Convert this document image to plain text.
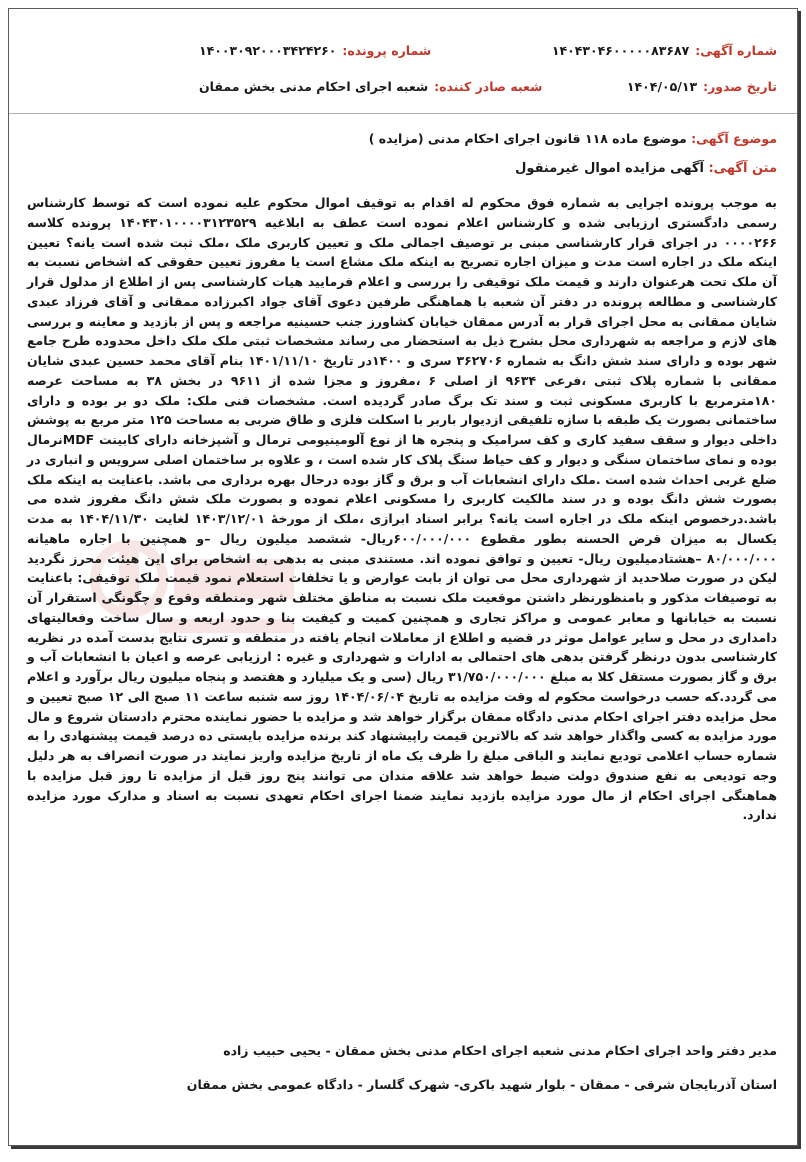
شماره آگهی:
۱۴۰۴۳۰۴۶۰۰۰۰۰۸۳۶۸۷
شماره پرونده:
۱۴۰۰۳۰۹۲۰۰۰۳۴۲۴۲۶۰
تاریخ صدور:
۱۴۰۴/۰۵/۱۳
شعبه صادر کننده:
شعبه اجرای احکام مدنی بخش ممقان
موضوع آگهی: موضوع ماده ۱۱۸ قانون اجرای احکام مدنی (مزایده )
متن آگهی: آگهی مزایده اموال غیرمنقول
به موجب پرونده اجرایی به شماره فوق محکوم له اقدام به توقیف اموال محکوم علیه نموده است که توسط کارشناس رسمی دادگستری ارزیابی شده و کارشناس اعلام نموده است عطف به ابلاغیه ۱۴۰۴۳۰۱۰۰۰۰۳۱۲۳۵۲۹ پرونده کلاسه ۰۰۰۰۲۶۶ در اجرای قرار کارشناسی مبنی بر توصیف اجمالی ملک و تعیین کاربری ملک ،ملک ثبت شده است یانه؟ تعیین اینکه ملک در اجاره است مدت و میزان اجاره تصریح به اینکه ملک مشاع است یا مفروز تعیین حقوقی که اشخاص نسبت به آن ملک تحت هرعنوان دارند و قیمت ملک توقیفی را بررسی و اعلام فرمایید هیات کارشناسی پس از اطلاع از مدلول قرار کارشناسی و مطالعه پرونده در دفتر آن شعبه با هماهنگی طرفین دعوی آقای جواد اکبرزاده ممقانی و آقای فرزاد عبدی شایان ممقانی به محل اجرای قرار به آدرس ممقان خیابان کشاورز جنب حسینیه مراجعه و پس از بازدید و معاینه و بررسی های لازم و مراجعه به شهرداری محل بشرح ذیل به استحضار می رساند مشخصات ثبتی ملک ملک داخل محدوده طرح جامع شهر بوده و دارای سند شش دانگ به شماره ۳۶۲۷۰۶ سری و ۱۴۰۰در تاریخ ۱۴۰۱/۱۱/۱۰ بنام آقای محمد حسین عبدی شایان ممقانی با شماره پلاک ثبتی ،فرعی ۹۶۳۴ از اصلی ۶ ،مفروز و مجزا شده از ۹۶۱۱ در بخش ۳۸ به مساحت عرصه ۱۸۰مترمربع با کاربری مسکونی ثبت و سند تک برگ صادر گردیده است. مشخصات فنی ملک: ملک دو بر بوده و دارای ساختمانی بصورت یک طبقه با سازه تلفیقی ازدیوار باربر با اسکلت فلزی و طاق ضربی به مساحت ۱۲۵ متر مربع به پوشش داخلی دیوار و سقف سفید کاری و کف سرامیک و پنجره ها از نوع آلومینیومی ترمال و آشپزخانه دارای کابینت MDFنرمال بوده و نمای ساختمان سنگی و دیوار و کف حیاط سنگ پلاک کار شده است ، و علاوه بر ساختمان اصلی سرویس و انباری در ضلع غربی احداث شده است .ملک دارای انشعابات آب و برق و گاز بوده درحال بهره برداری می باشد. باعنایت به اینکه ملک بصورت شش دانگ بوده و در سند مالکیت کاربری را مسکونی اعلام نموده و بصورت ملک شش دانگ مفروز شده می باشد.درخصوص اینکه ملک در اجاره است یانه؟ برابر اسناد ابرازی ،ملک از مورخهٔ ۱۴۰۳/۱۲/۰۱ لغایت ۱۴۰۴/۱۱/۳۰ به مدت یکسال به میزان قرض الحسنه بطور مقطوع ۶۰۰/۰۰۰/۰۰۰ریال- ششصد میلیون ریال –و همچنین با اجاره ماهیانه ۸۰/۰۰۰/۰۰۰ –هشتادمیلیون ریال- تعیین و توافق نموده اند. مستندی مبنی به بدهی به اشخاص برای این هیئت محرز نگردید لیکن در صورت صلاحدید از شهرداری محل می توان از بابت عوارض و یا تخلفات استعلام نمود قیمت ملک توقیفی: باعنایت به توصیفات مذکور و بامنظورنظر داشتن موقعیت ملک نسبت به مناطق مختلف شهر ومنطقه وقوع و چگونگی استقرار آن نسبت به خیابانها و معابر عمومی و مراکز تجاری و همچنین کمیت و کیفیت بنا و حدود اربعه و سال ساخت وفعالیتهای دامداری در محل و سایر عوامل موثر در قضیه و اطلاع از معاملات انجام یافته در منطقه و تسری نتایج بدست آمده در نظریه کارشناسی بدون درنظر گرفتن بدهی های احتمالی به ادارات و شهرداری و غیره : ارزیابی عرصه و اعیان با انشعابات آب و برق و گاز بصورت مستقل کلا به مبلغ ۳۱/۷۵۰/۰۰۰/۰۰۰ ریال (سی و یک میلیارد و هفتصد و پنجاه میلیون ریال برآورد و اعلام می گردد.که حسب درخواست محکوم له وقت مزایده به تاریخ ۱۴۰۴/۰۶/۰۴ روز سه شنبه ساعت ۱۱ صبح الی ۱۲ صبح تعیین و محل مزایده دفتر اجرای احکام مدنی دادگاه ممقان برگزار خواهد شد و مزایده با حضور نماینده محترم دادستان شروع و مال مورد مزایده به کسی واگذار خواهد شد که بالاترین قیمت راپیشنهاد کند برنده مزایده بایستی ده درصد قیمت پیشنهادی را به شماره حساب اعلامی تودیع نمایند و الباقی مبلغ را ظرف یک ماه از تاریخ مزایده واریز نمایند در صورت انصراف به هر دلیل وجه تودیعی به نفع صندوق دولت ضبط خواهد شد علاقه مندان می توانند پنج روز قبل از مزایده تا روز قبل مزایده با هماهنگی اجرای احکام از مال مورد مزایده بازدید نمایند ضمنا اجرای احکام تعهدی نسبت به اسناد و مدارک مورد مزایده ندارد.
مدیر دفتر واحد اجرای احکام مدنی شعبه اجرای احکام مدنی بخش ممقان - یحیی حبیب زاده
استان آذربایجان شرقی - ممقان - بلوار شهید باکری- شهرک گلسار - دادگاه عمومی بخش ممقان
